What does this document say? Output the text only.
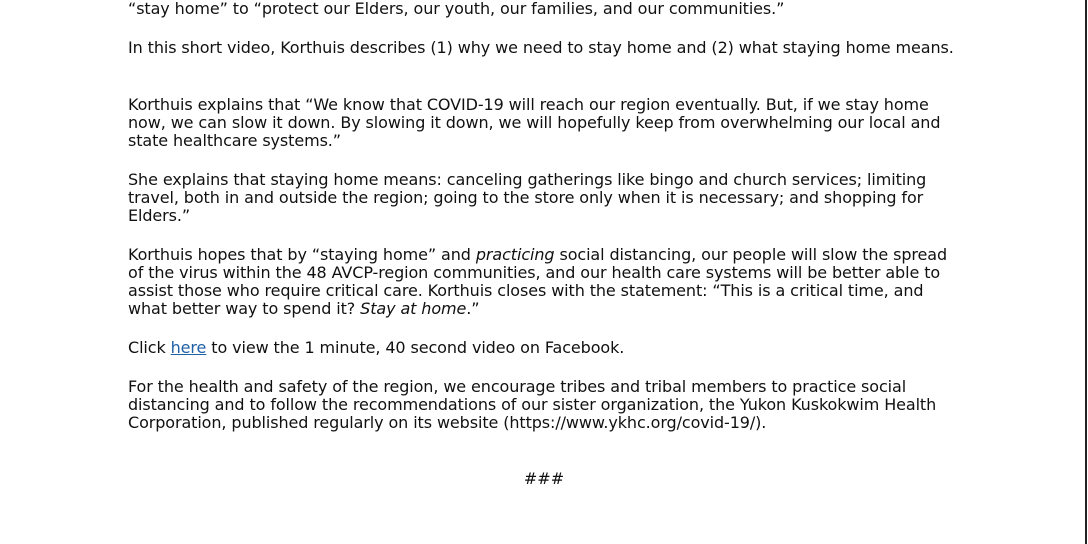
“stay home” to “protect our Elders, our youth, our families, and our communities.”

In this short video, Korthuis describes (1) why we need to stay home and (2) what staying home means.

Korthuis explains that “We know that COVID-19 will reach our region eventually. But, if we stay home now, we can slow it down. By slowing it down, we will hopefully keep from overwhelming our local and state healthcare systems.”

She explains that staying home means: canceling gatherings like bingo and church services; limiting travel, both in and outside the region; going to the store only when it is necessary; and shopping for Elders.”

Korthuis hopes that by “staying home” and practicing social distancing, our people will slow the spread of the virus within the 48 AVCP-region communities, and our health care systems will be better able to assist those who require critical care. Korthuis closes with the statement: “This is a critical time, and what better way to spend it? Stay at home.”

Click here to view the 1 minute, 40 second video on Facebook.

For the health and safety of the region, we encourage tribes and tribal members to practice social distancing and to follow the recommendations of our sister organization, the Yukon Kuskokwim Health Corporation, published regularly on its website (https://www.ykhc.org/covid-19/).

###
